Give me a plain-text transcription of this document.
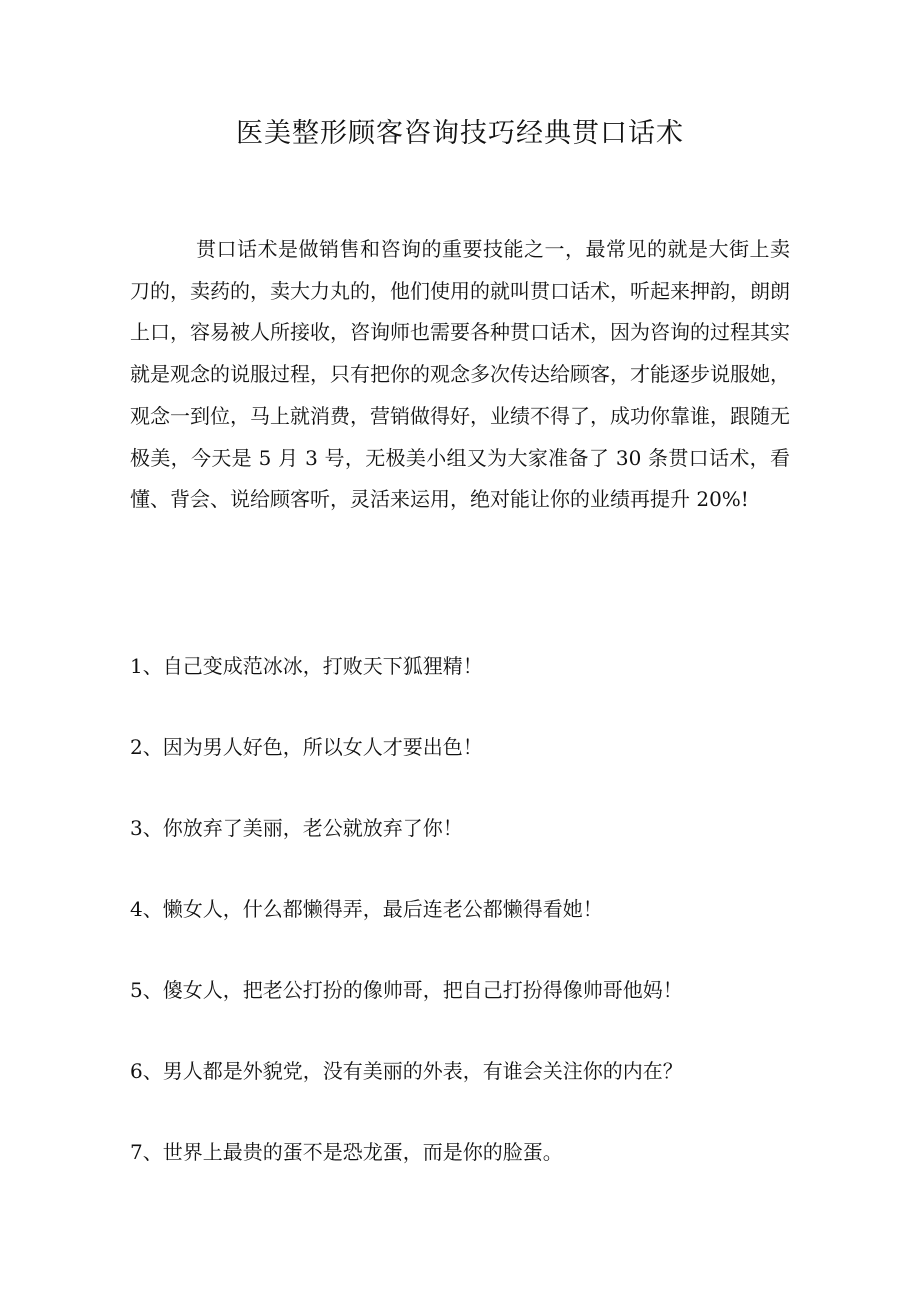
医美整形顾客咨询技巧经典贯口话术

贯口话术是做销售和咨询的重要技能之一，最常见的就是大街上卖刀的，卖药的，卖大力丸的，他们使用的就叫贯口话术，听起来押韵，朗朗上口，容易被人所接收，咨询师也需要各种贯口话术，因为咨询的过程其实就是观念的说服过程，只有把你的观念多次传达给顾客，才能逐步说服她，观念一到位，马上就消费，营销做得好，业绩不得了，成功你靠谁，跟随无极美，今天是 5 月 3 号，无极美小组又为大家准备了 30 条贯口话术，看懂、背会、说给顾客听，灵活来运用，绝对能让你的业绩再提升 20%!

1、自己变成范冰冰，打败天下狐狸精！
2、因为男人好色，所以女人才要出色！
3、你放弃了美丽，老公就放弃了你！
4、懒女人，什么都懒得弄，最后连老公都懒得看她！
5、傻女人，把老公打扮的像帅哥，把自己打扮得像帅哥他妈！
6、男人都是外貌党，没有美丽的外表，有谁会关注你的内在？
7、世界上最贵的蛋不是恐龙蛋，而是你的脸蛋。
